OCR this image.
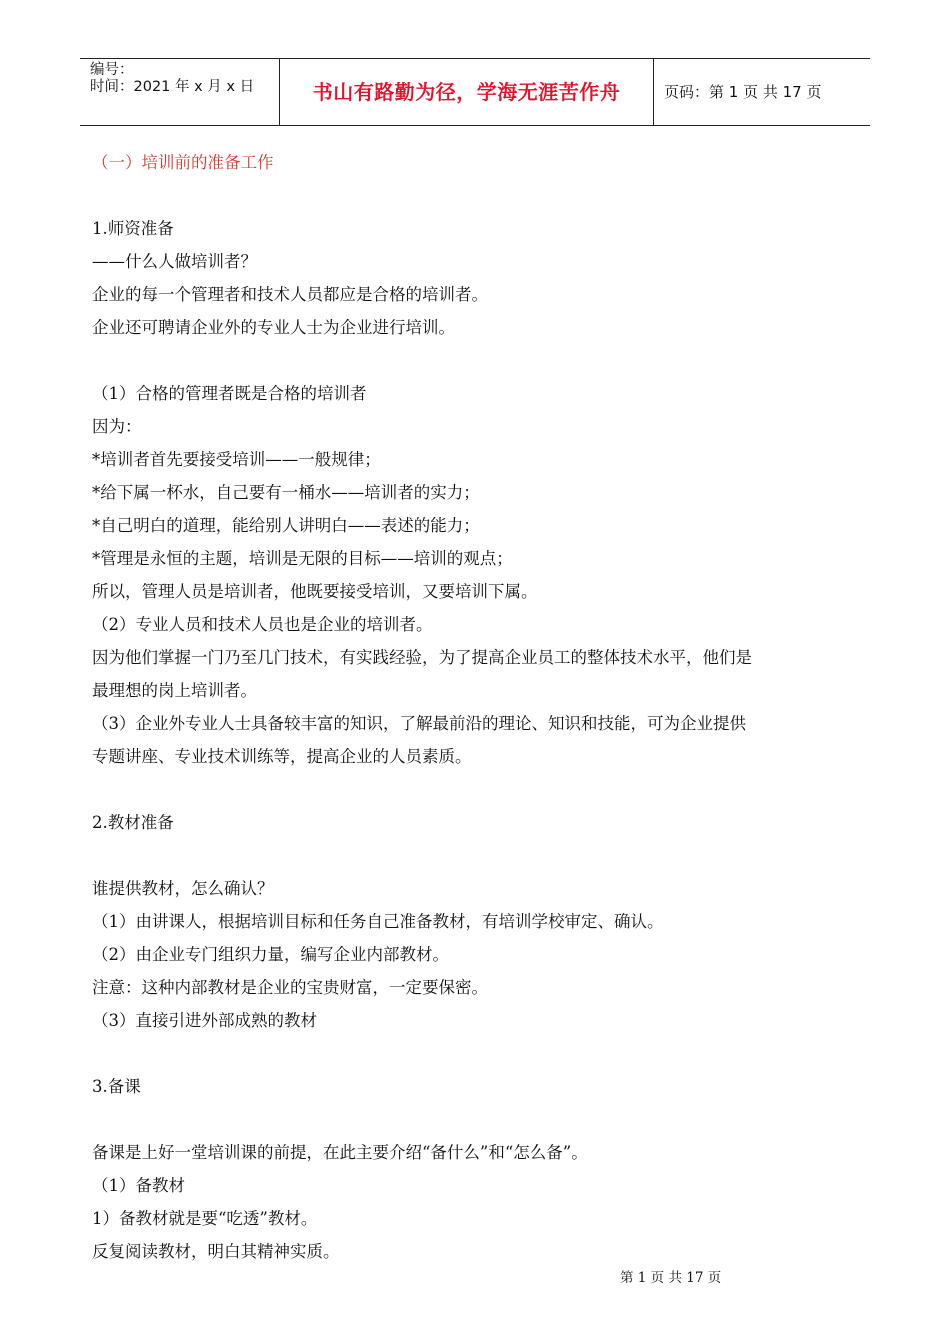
编号：
时间：2021 年 x 月 x 日	书山有路勤为径，学海无涯苦作舟	页码：第 1 页 共 17 页
（一）培训前的准备工作
1.师资准备
——什么人做培训者？
企业的每一个管理者和技术人员都应是合格的培训者。
企业还可聘请企业外的专业人士为企业进行培训。
（1）合格的管理者既是合格的培训者
因为：
*培训者首先要接受培训——一般规律；
*给下属一杯水，自己要有一桶水——培训者的实力；
*自己明白的道理，能给别人讲明白——表述的能力；
*管理是永恒的主题，培训是无限的目标——培训的观点；
所以，管理人员是培训者，他既要接受培训，又要培训下属。
（2）专业人员和技术人员也是企业的培训者。
因为他们掌握一门乃至几门技术，有实践经验，为了提高企业员工的整体技术水平，他们是
最理想的岗上培训者。
（3）企业外专业人士具备较丰富的知识，了解最前沿的理论、知识和技能，可为企业提供
专题讲座、专业技术训练等，提高企业的人员素质。
2.教材准备
谁提供教材，怎么确认？
（1）由讲课人，根据培训目标和任务自己准备教材，有培训学校审定、确认。
（2）由企业专门组织力量，编写企业内部教材。
注意：这种内部教材是企业的宝贵财富，一定要保密。
（3）直接引进外部成熟的教材
3.备课
备课是上好一堂培训课的前提，在此主要介绍“备什么”和“怎么备”。
（1）备教材
1）备教材就是要“吃透”教材。
反复阅读教材，明白其精神实质。
第 1 页 共 17 页
